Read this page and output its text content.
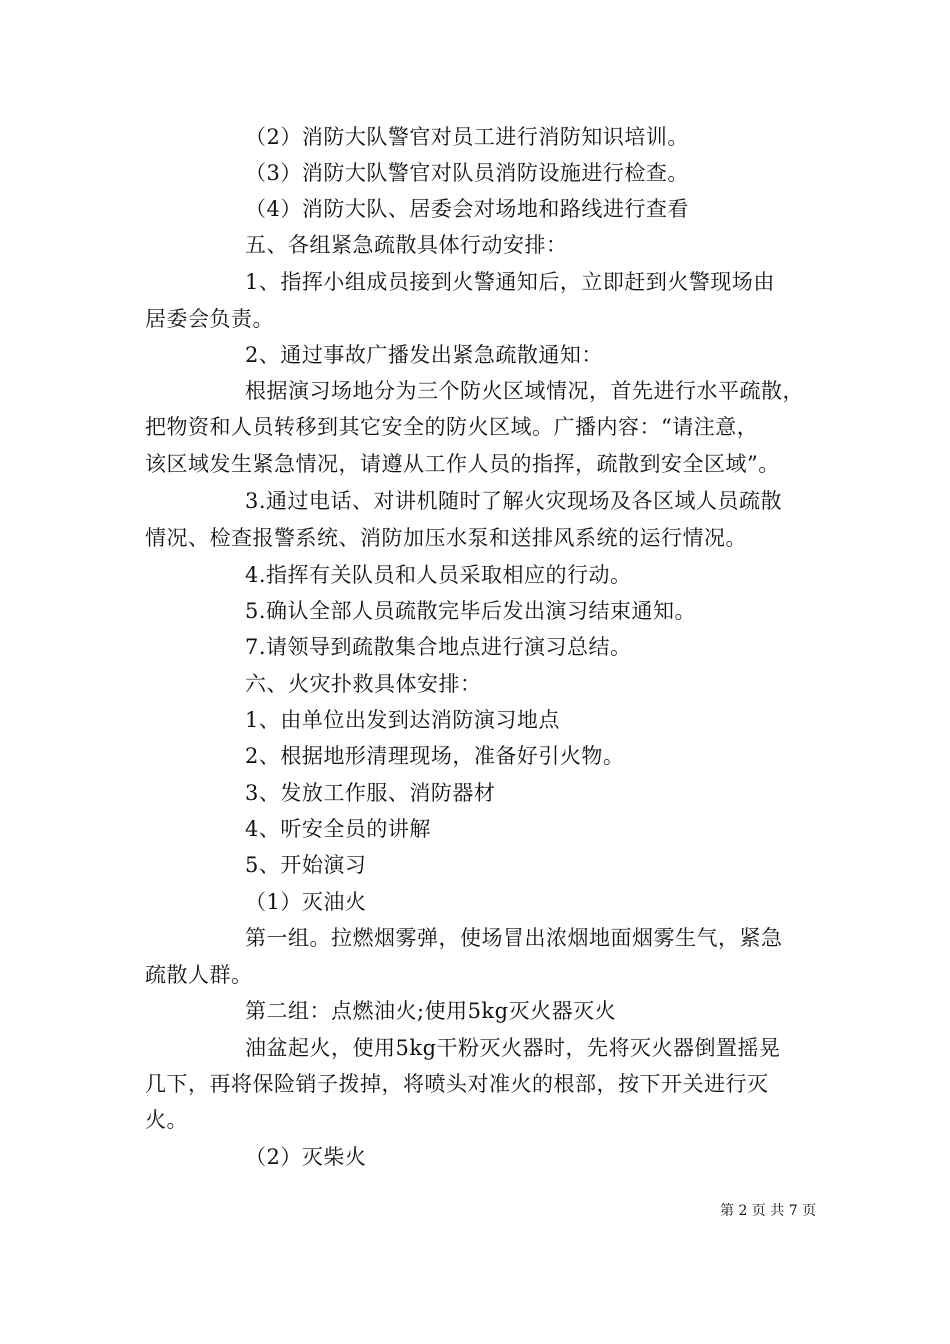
（2）消防大队警官对员工进行消防知识培训。
（3）消防大队警官对队员消防设施进行检查。
（4）消防大队、居委会对场地和路线进行查看
五、各组紧急疏散具体行动安排：
1、指挥小组成员接到火警通知后，立即赶到火警现场由
居委会负责。
2、通过事故广播发出紧急疏散通知：
根据演习场地分为三个防火区域情况，首先进行水平疏散，
把物资和人员转移到其它安全的防火区域。广播内容：“请注意，
该区域发生紧急情况，请遵从工作人员的指挥，疏散到安全区域”。
3.通过电话、对讲机随时了解火灾现场及各区域人员疏散
情况、检查报警系统、消防加压水泵和送排风系统的运行情况。
4.指挥有关队员和人员采取相应的行动。
5.确认全部人员疏散完毕后发出演习结束通知。
7.请领导到疏散集合地点进行演习总结。
六、火灾扑救具体安排：
1、由单位出发到达消防演习地点
2、根据地形清理现场，准备好引火物。
3、发放工作服、消防器材
4、听安全员的讲解
5、开始演习
（1）灭油火
第一组。拉燃烟雾弹，使场冒出浓烟地面烟雾生气，紧急
疏散人群。
第二组：点燃油火;使用5kg灭火器灭火
油盆起火，使用5kg干粉灭火器时，先将灭火器倒置摇晃
几下，再将保险销子拨掉，将喷头对准火的根部，按下开关进行灭
火。
（2）灭柴火
第 2 页 共 7 页
